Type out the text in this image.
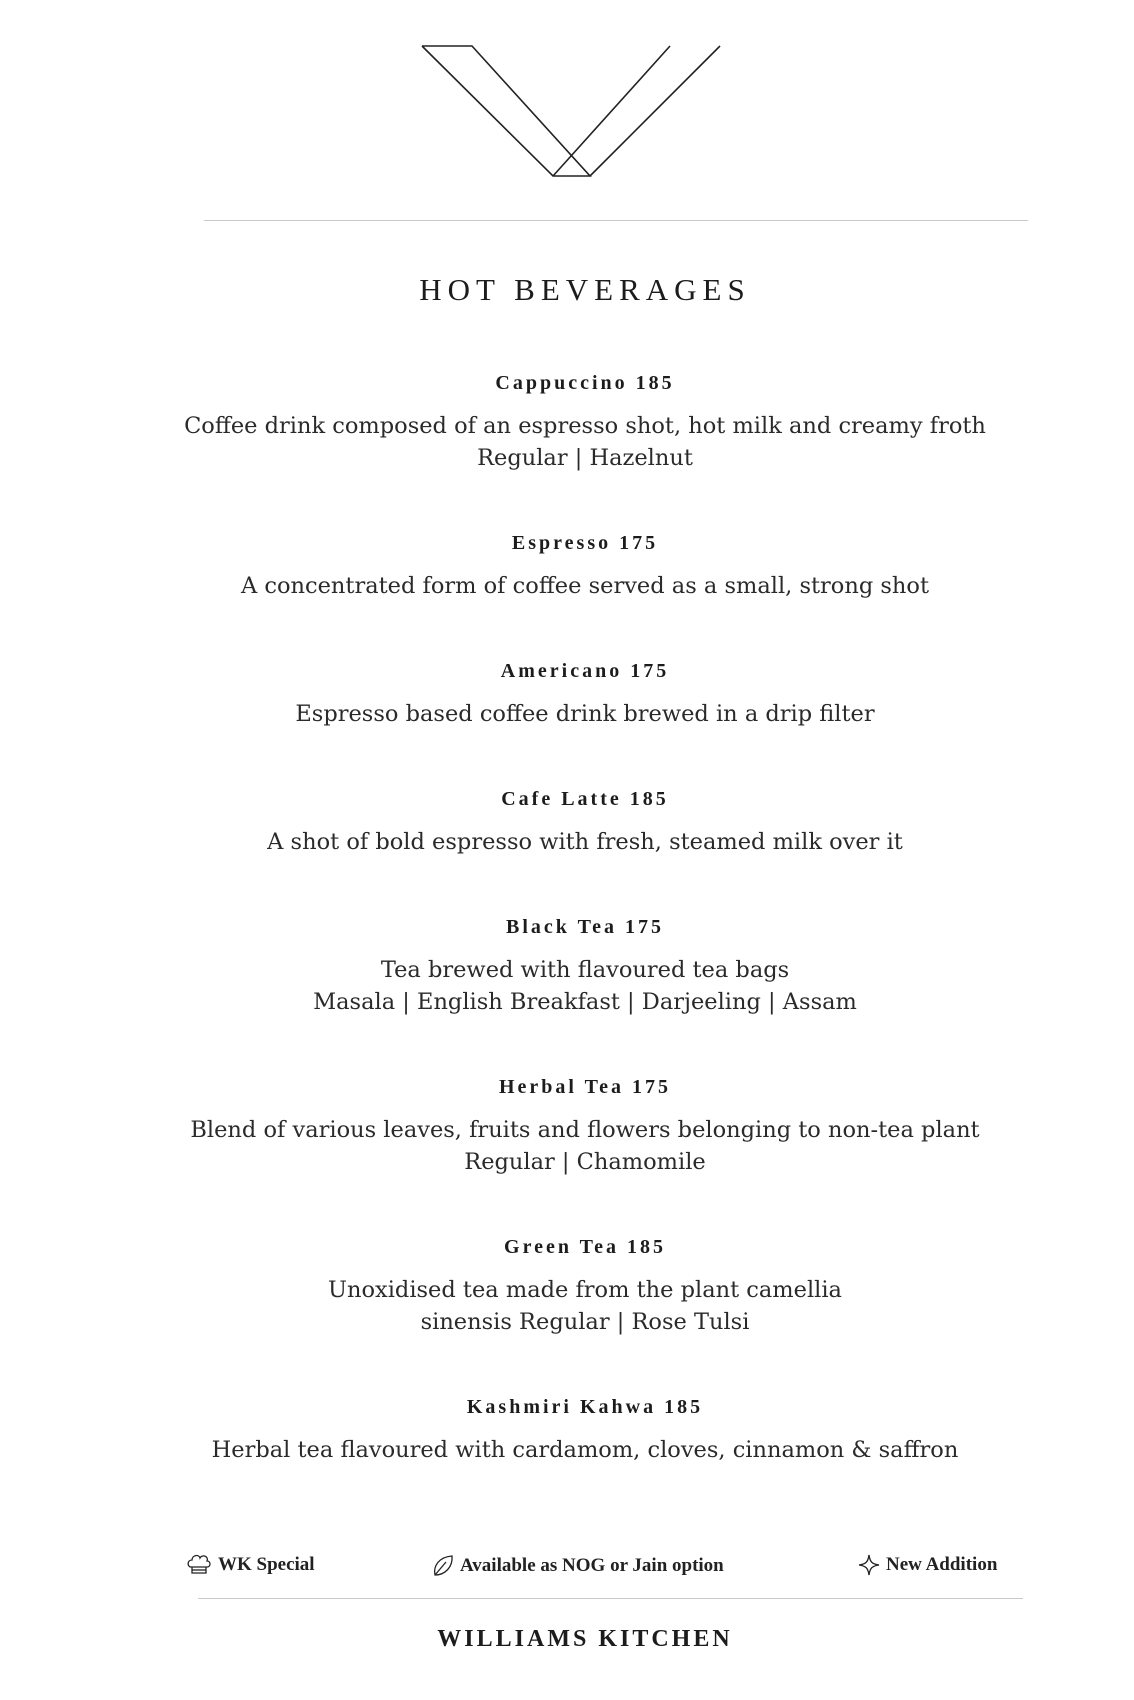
HOT BEVERAGES
Cappuccino 185
Coffee drink composed of an espresso shot, hot milk and creamy froth
Regular | Hazelnut
Espresso 175
A concentrated form of coffee served as a small, strong shot
Americano 175
Espresso based coffee drink brewed in a drip filter
Cafe Latte 185
A shot of bold espresso with fresh, steamed milk over it
Black Tea 175
Tea brewed with flavoured tea bags
Masala | English Breakfast | Darjeeling | Assam
Herbal Tea 175
Blend of various leaves, fruits and flowers belonging to non-tea plant
Regular | Chamomile
Green Tea 185
Unoxidised tea made from the plant camellia
sinensis Regular | Rose Tulsi
Kashmiri Kahwa 185
Herbal tea flavoured with cardamom, cloves, cinnamon & saffron
WK Special	Available as NOG or Jain option	New Addition
WILLIAMS KITCHEN
